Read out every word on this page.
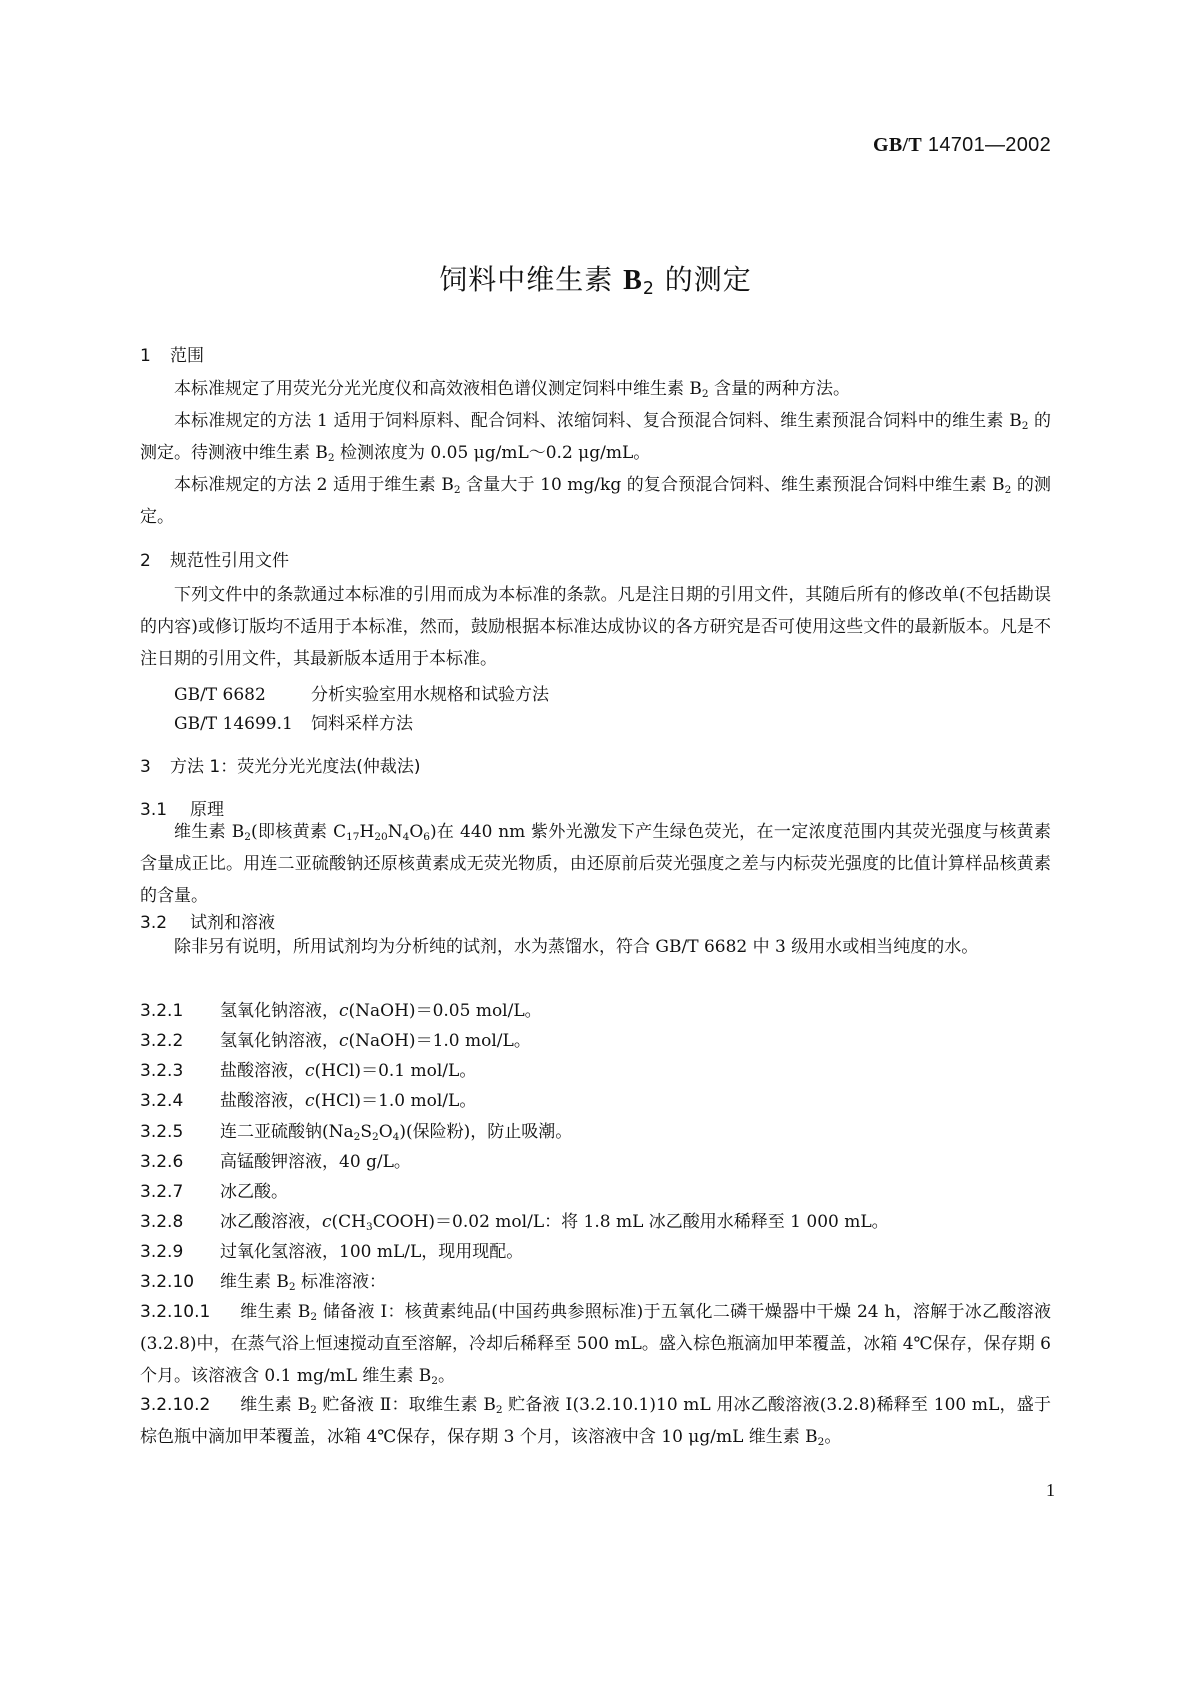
GB/T 14701—2002
饲料中维生素 $B_2$ 的测定
1 范围

本标准规定了用荧光分光光度仪和高效液相色谱仪测定饲料中维生素 $B_2$ 含量的两种方法。

本标准规定的方法 1 适用于饲料原料、配合饲料、浓缩饲料、复合预混合饲料、维生素预混合饲料中的维生素 $B_2$ 的测定。待测液中维生素 $B_2$ 检测浓度为 0.05 μg/mL～0.2 μg/mL。

本标准规定的方法 2 适用于维生素 $B_2$ 含量大于 10 mg/kg 的复合预混合饲料、维生素预混合饲料中维生素 $B_2$ 的测定。

2 规范性引用文件

下列文件中的条款通过本标准的引用而成为本标准的条款。凡是注日期的引用文件，其随后所有的修改单(不包括勘误的内容)或修订版均不适用于本标准，然而，鼓励根据本标准达成协议的各方研究是否可使用这些文件的最新版本。凡是不注日期的引用文件，其最新版本适用于本标准。

GB/T 6682　	分析实验室用水规格和试验方法
GB/T 14699.1　 饲料采样方法
3 方法 1：荧光分光光度法(仲裁法)
3.1 原理

维生素 $B_2$(即核黄素 $C_{17}H_{20}N_4O_6$)在 440 nm 紫外光激发下产生绿色荧光，在一定浓度范围内其荧光强度与核黄素含量成正比。用连二亚硫酸钠还原核黄素成无荧光物质，由还原前后荧光强度之差与内标荧光强度的比值计算样品核黄素的含量。

3.2 试剂和溶液

除非另有说明，所用试剂均为分析纯的试剂，水为蒸馏水，符合 GB/T 6682 中 3 级用水或相当纯度的水。

3.2.1 氢氧化钠溶液，c(NaOH)＝0.05 mol/L。
3.2.2 氢氧化钠溶液，c(NaOH)＝1.0 mol/L。
3.2.3 盐酸溶液，c(HCl)＝0.1 mol/L。
3.2.4 盐酸溶液，c(HCl)＝1.0 mol/L。
3.2.5 连二亚硫酸钠$(Na_2S_2O_4)$(保险粉)，防止吸潮。
3.2.6 高锰酸钾溶液，40 g/L。
3.2.7 冰乙酸。
3.2.8 冰乙酸溶液，$c(CH_3COOH)=0.02$ mol/L：将 1.8 mL 冰乙酸用水稀释至 1 000 mL。
3.2.9 过氧化氢溶液，100 mL/L，现用现配。
3.2.10 维生素 $B_2$ 标准溶液：
3.2.10.1 维生素 $B_2$ 储备液 Ⅰ：核黄素纯品(中国药典参照标准)于五氧化二磷干燥器中干燥 24 h，溶解于冰乙酸溶液(3.2.8)中，在蒸气浴上恒速搅动直至溶解，冷却后稀释至 500 mL。盛入棕色瓶滴加甲苯覆盖，冰箱 4℃保存，保存期 6 个月。该溶液含 0.1 mg/mL 维生素 $B_2$。
3.2.10.2 维生素 $B_2$ 贮备液 Ⅱ：取维生素 $B_2$ 贮备液 Ⅰ(3.2.10.1)10 mL 用冰乙酸溶液(3.2.8)稀释至 100 mL，盛于棕色瓶中滴加甲苯覆盖，冰箱 4℃保存，保存期 3 个月，该溶液中含 10 μg/mL 维生素 $B_2$。
1
